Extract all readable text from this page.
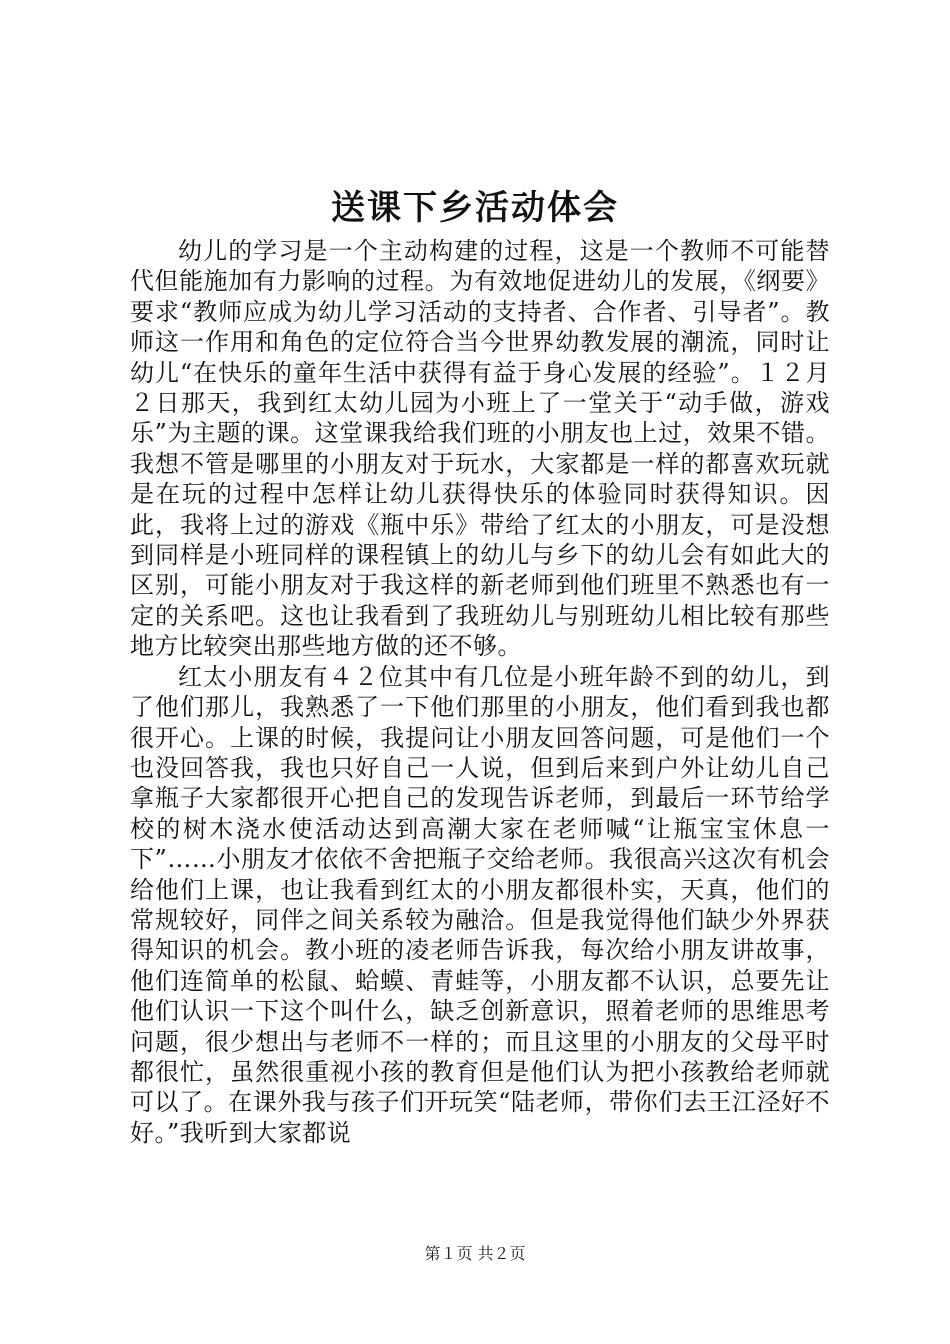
送课下乡活动体会

幼儿的学习是一个主动构建的过程，这是一个教师不可能替代但能施加有力影响的过程。为有效地促进幼儿的发展，《纲要》要求“教师应成为幼儿学习活动的支持者、合作者、引导者”。教师这一作用和角色的定位符合当今世界幼教发展的潮流，同时让幼儿“在快乐的童年生活中获得有益于身心发展的经验”。１２月２日那天，我到红太幼儿园为小班上了一堂关于“动手做，游戏乐”为主题的课。这堂课我给我们班的小朋友也上过，效果不错。我想不管是哪里的小朋友对于玩水，大家都是一样的都喜欢玩就是在玩的过程中怎样让幼儿获得快乐的体验同时获得知识。因此，我将上过的游戏《瓶中乐》带给了红太的小朋友，可是没想到同样是小班同样的课程镇上的幼儿与乡下的幼儿会有如此大的区别，可能小朋友对于我这样的新老师到他们班里不熟悉也有一定的关系吧。这也让我看到了我班幼儿与别班幼儿相比较有那些地方比较突出那些地方做的还不够。

红太小朋友有４２位其中有几位是小班年龄不到的幼儿，到了他们那儿，我熟悉了一下他们那里的小朋友，他们看到我也都很开心。上课的时候，我提问让小朋友回答问题，可是他们一个也没回答我，我也只好自己一人说，但到后来到户外让幼儿自己拿瓶子大家都很开心把自己的发现告诉老师，到最后一环节给学校的树木浇水使活动达到高潮大家在老师喊“让瓶宝宝休息一下”……小朋友才依依不舍把瓶子交给老师。我很高兴这次有机会给他们上课，也让我看到红太的小朋友都很朴实，天真，他们的常规较好，同伴之间关系较为融洽。但是我觉得他们缺少外界获得知识的机会。教小班的凌老师告诉我，每次给小朋友讲故事，他们连简单的松鼠、蛤蟆、青蛙等，小朋友都不认识，总要先让他们认识一下这个叫什么，缺乏创新意识，照着老师的思维思考问题，很少想出与老师不一样的；而且这里的小朋友的父母平时都很忙，虽然很重视小孩的教育但是他们认为把小孩教给老师就可以了。在课外我与孩子们开玩笑“陆老师，带你们去王江泾好不好。”我听到大家都说

第１页 共２页
